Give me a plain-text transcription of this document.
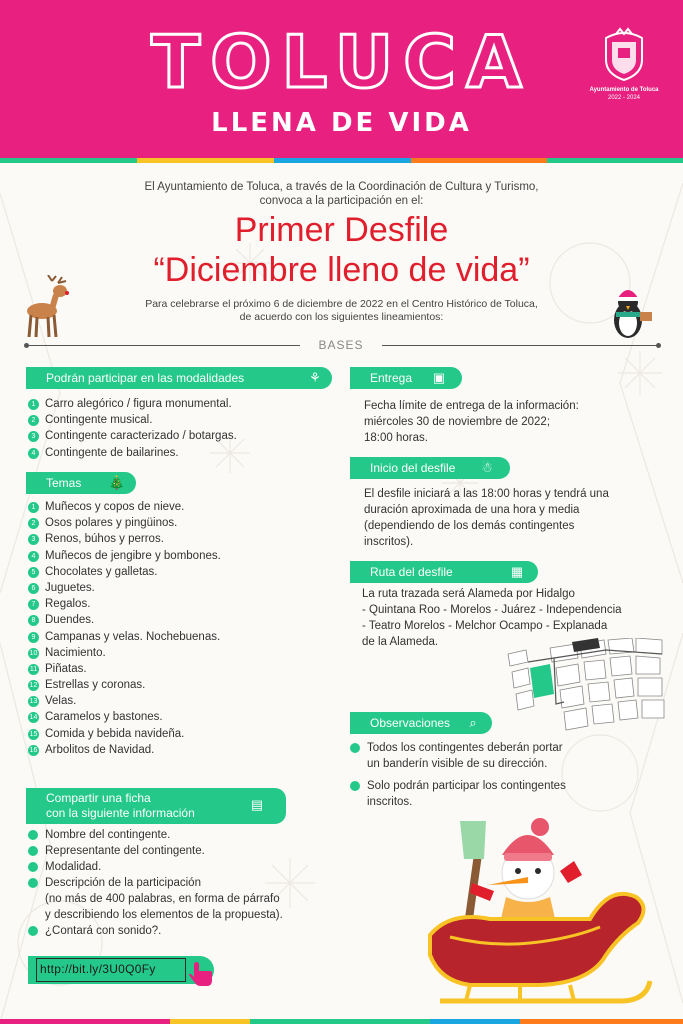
TOLUCA
LLENA DE VIDA
Ayuntamiento de Toluca
2022 - 2024
El Ayuntamiento de Toluca, a través de la Coordinación de Cultura y Turismo,
convoca a la participación en el:
Primer Desfile
“Diciembre lleno de vida”
Para celebrarse el próximo 6 de diciembre de 2022 en el Centro Histórico de Toluca,
de acuerdo con los siguientes lineamientos:
BASES
Podrán participar en las modalidades	⚘
1 Carro alegórico / figura monumental.
2 Contingente musical.
3 Contingente caracterizado / botargas.
4 Contingente de bailarines.
Temas 🎄
1 Muñecos y copos de nieve.
2 Osos polares y pingüinos.
3 Renos, búhos y perros.
4 Muñecos de jengibre y bombones.
5 Chocolates y galletas.
6 Juguetes.
7 Regalos.
8 Duendes.
9 Campanas y velas. Nochebuenas.
10 Nacimiento.
11 Piñatas.
12 Estrellas y coronas.
13 Velas.
14 Caramelos y bastones.
15 Comida y bebida navideña.
16 Arbolitos de Navidad.
Compartir una ficha
con la siguiente información
▤
Nombre del contingente.
Representante del contingente.
Modalidad.
Descripción de la participación
(no más de 400 palabras, en forma de párrafo
y describiendo los elementos de la propuesta).
¿Contará con sonido?.
http://bit.ly/3U0Q0Fy
Entrega ▣
Fecha límite de entrega de la información:
miércoles 30 de noviembre de 2022;
18:00 horas.
Inicio del desfile ☃
El desfile iniciará a las 18:00 horas y tendrá una
duración aproximada de una hora y media
(dependiendo de los demás contingentes
inscritos).
Ruta del desfile	▦
La ruta trazada será Alameda por Hidalgo
- Quintana Roo - Morelos - Juárez - Independencia
- Teatro Morelos - Melchor Ocampo - Explanada
de la Alameda.
Observaciones	⌕
Todos los contingentes deberán portar
un banderín visible de su dirección.
Solo podrán participar los contingentes
inscritos.
